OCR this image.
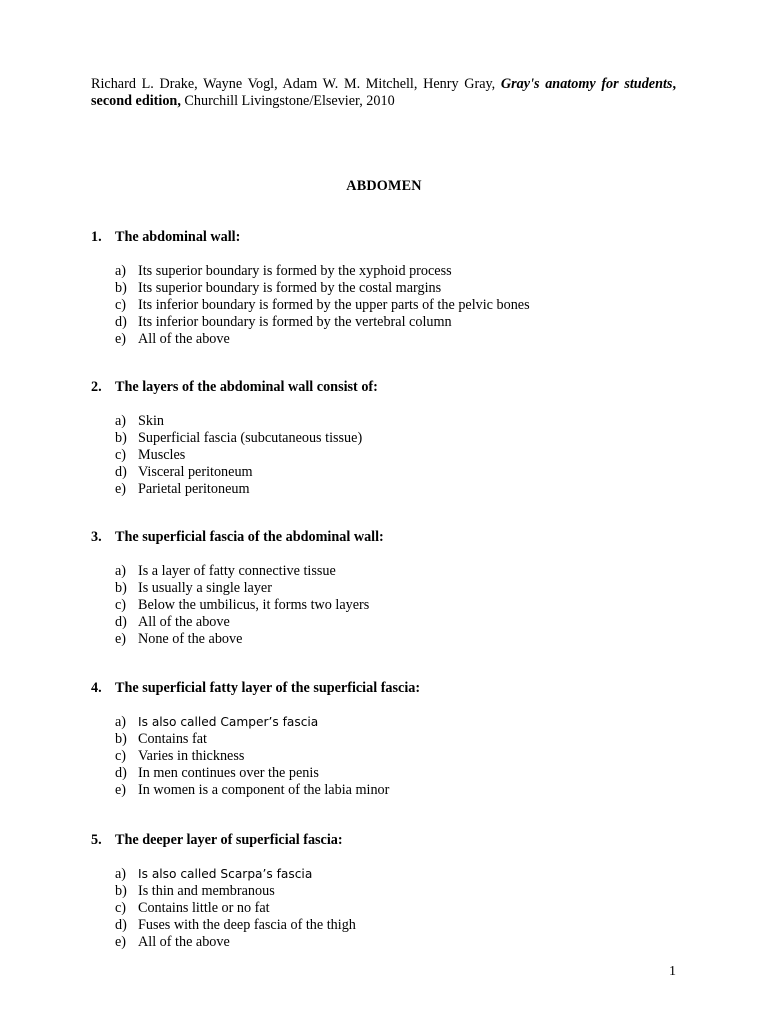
Richard L. Drake, Wayne Vogl, Adam W. M. Mitchell, Henry Gray, Gray's anatomy for students, second edition, Churchill Livingstone/Elsevier, 2010
ABDOMEN
1. The abdominal wall:
a) Its superior boundary is formed by the xyphoid process
b) Its superior boundary is formed by the costal margins
c) Its inferior boundary is formed by the upper parts of the pelvic bones
d) Its inferior boundary is formed by the vertebral column
e) All of the above
2. The layers of the abdominal wall consist of:
a) Skin
b) Superficial fascia (subcutaneous tissue)
c) Muscles
d) Visceral peritoneum
e) Parietal peritoneum
3. The superficial fascia of the abdominal wall:
a) Is a layer of fatty connective tissue
b) Is usually a single layer
c) Below the umbilicus, it forms two layers
d) All of the above
e) None of the above
4. The superficial fatty layer of the superficial fascia:
a) Is also called Camper’s fascia
b) Contains fat
c) Varies in thickness
d) In men continues over the penis
e) In women is a component of the labia minor
5. The deeper layer of superficial fascia:
a) Is also called Scarpa’s fascia
b) Is thin and membranous
c) Contains little or no fat
d) Fuses with the deep fascia of the thigh
e) All of the above
1
